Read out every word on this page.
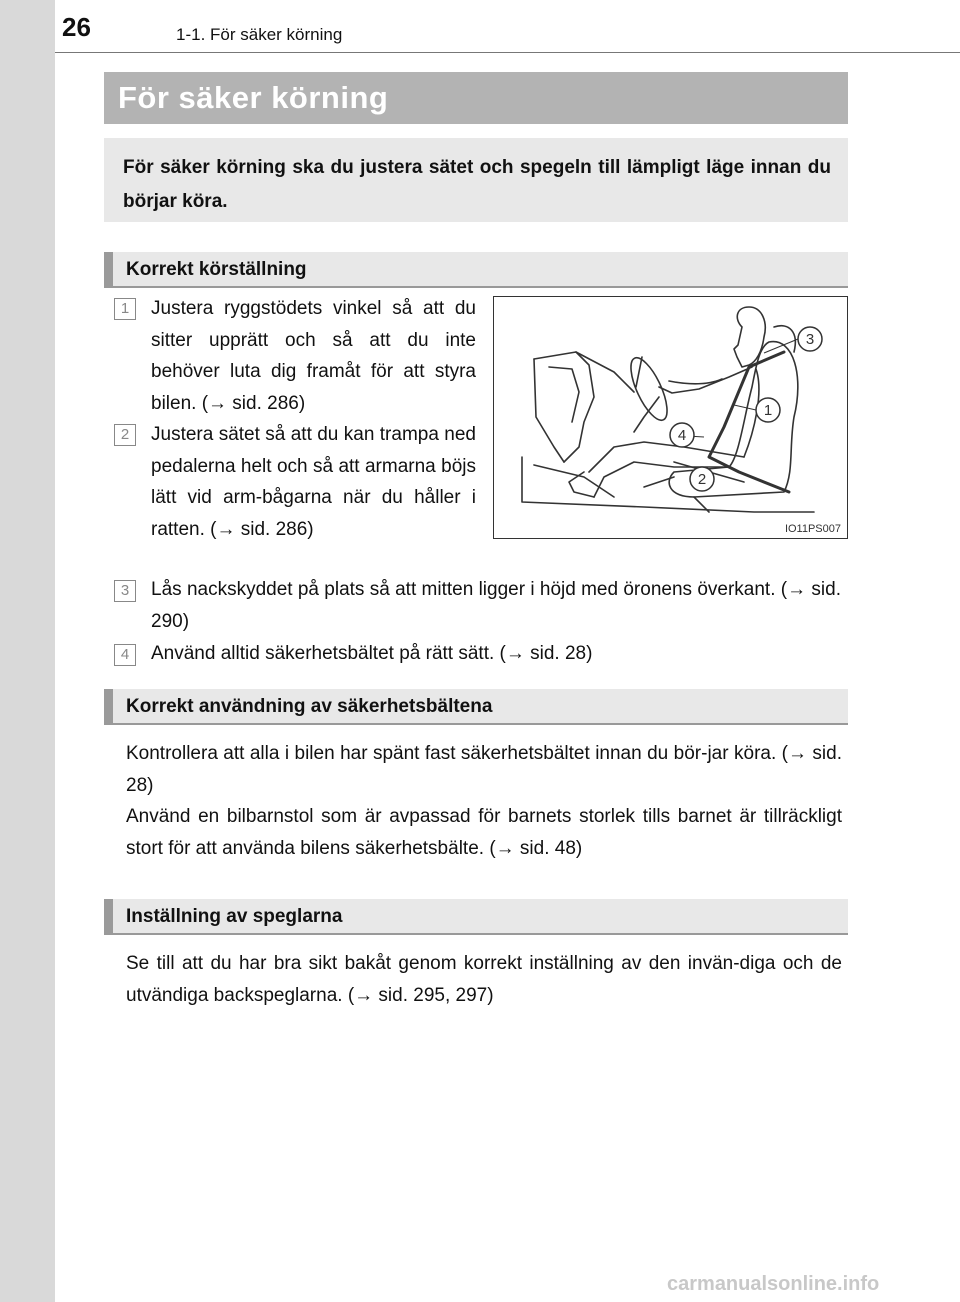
26	1-1. För säker körning
För säker körning

För säker körning ska du justera sätet och spegeln till lämpligt läge innan du börjar köra.

Korrekt körställning
1	Justera ryggstödets vinkel så att du sitter upprätt och så att du inte behöver luta dig framåt för att styra bilen. (→ sid. 286)

2	Justera sätet så att du kan trampa ned pedalerna helt och så att armarna böjs lätt vid arm-bågarna när du håller i ratten. (→ sid. 286)

3	Lås nackskyddet på plats så att mitten ligger i höjd med öronens överkant. (→ sid. 290)

4	Använd alltid säkerhetsbältet på rätt sätt. (→ sid. 28)

3
1
4
2
IO11PS007
Korrekt användning av säkerhetsbältena

Kontrollera att alla i bilen har spänt fast säkerhetsbältet innan du bör-jar köra. (→ sid. 28)

Använd en bilbarnstol som är avpassad för barnets storlek tills barnet är tillräckligt stort för att använda bilens säkerhetsbälte. (→ sid. 48)

Inställning av speglarna

Se till att du har bra sikt bakåt genom korrekt inställning av den invän-diga och de utvändiga backspeglarna. (→ sid. 295, 297)

carmanualsonline.info
